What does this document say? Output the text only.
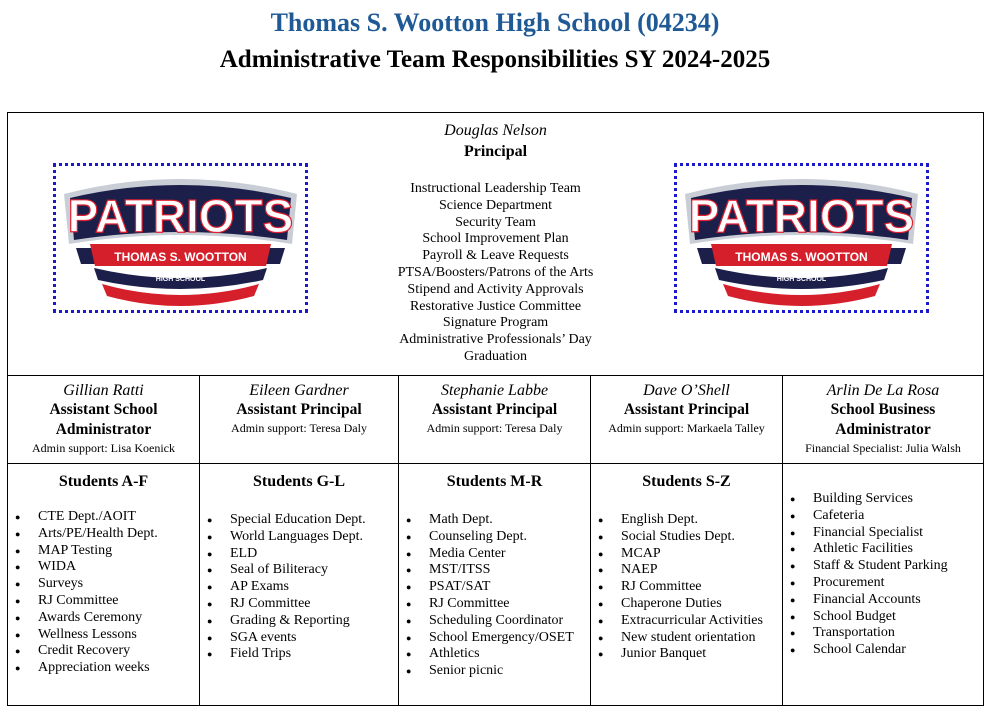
Thomas S. Wootton High School (04234)
Administrative Team Responsibilities SY 2024-2025
PATRIOTS
THOMAS S. WOOTTON
HIGH SCHOOL
PATRIOTS
THOMAS S. WOOTTON
HIGH SCHOOL
Douglas Nelson
Principal
Instructional Leadership Team
Science Department
Security Team
School Improvement Plan
Payroll & Leave Requests
PTSA/Boosters/Patrons of the Arts
Stipend and Activity Approvals
Restorative Justice Committee
Signature Program
Administrative Professionals’ Day
Graduation
Gillian Ratti
Assistant School Administrator
Admin support: Lisa Koenick
Eileen Gardner
Assistant Principal
Admin support: Teresa Daly
Stephanie Labbe
Assistant Principal
Admin support: Teresa Daly
Dave O’Shell
Assistant Principal
Admin support: Markaela Talley
Arlin De La Rosa
School Business Administrator
Financial Specialist: Julia Walsh
Students A-F
● CTE Dept./AOIT
● Arts/PE/Health Dept.
● MAP Testing
● WIDA
● Surveys
● RJ Committee
● Awards Ceremony
● Wellness Lessons
● Credit Recovery
● Appreciation weeks
Students G-L
● Special Education Dept.
● World Languages Dept.
● ELD
● Seal of Biliteracy
● AP Exams
● RJ Committee
● Grading & Reporting
● SGA events
● Field Trips
Students M-R
● Math Dept.
● Counseling Dept.
● Media Center
● MST/ITSS
● PSAT/SAT
● RJ Committee
● Scheduling Coordinator
● School Emergency/OSET
● Athletics
● Senior picnic
Students S-Z
● English Dept.
● Social Studies Dept.
● MCAP
● NAEP
● RJ Committee
● Chaperone Duties
● Extracurricular Activities
● New student orientation
● Junior Banquet
● Building Services
● Cafeteria
● Financial Specialist
● Athletic Facilities
● Staff & Student Parking
● Procurement
● Financial Accounts
● School Budget
● Transportation
● School Calendar
